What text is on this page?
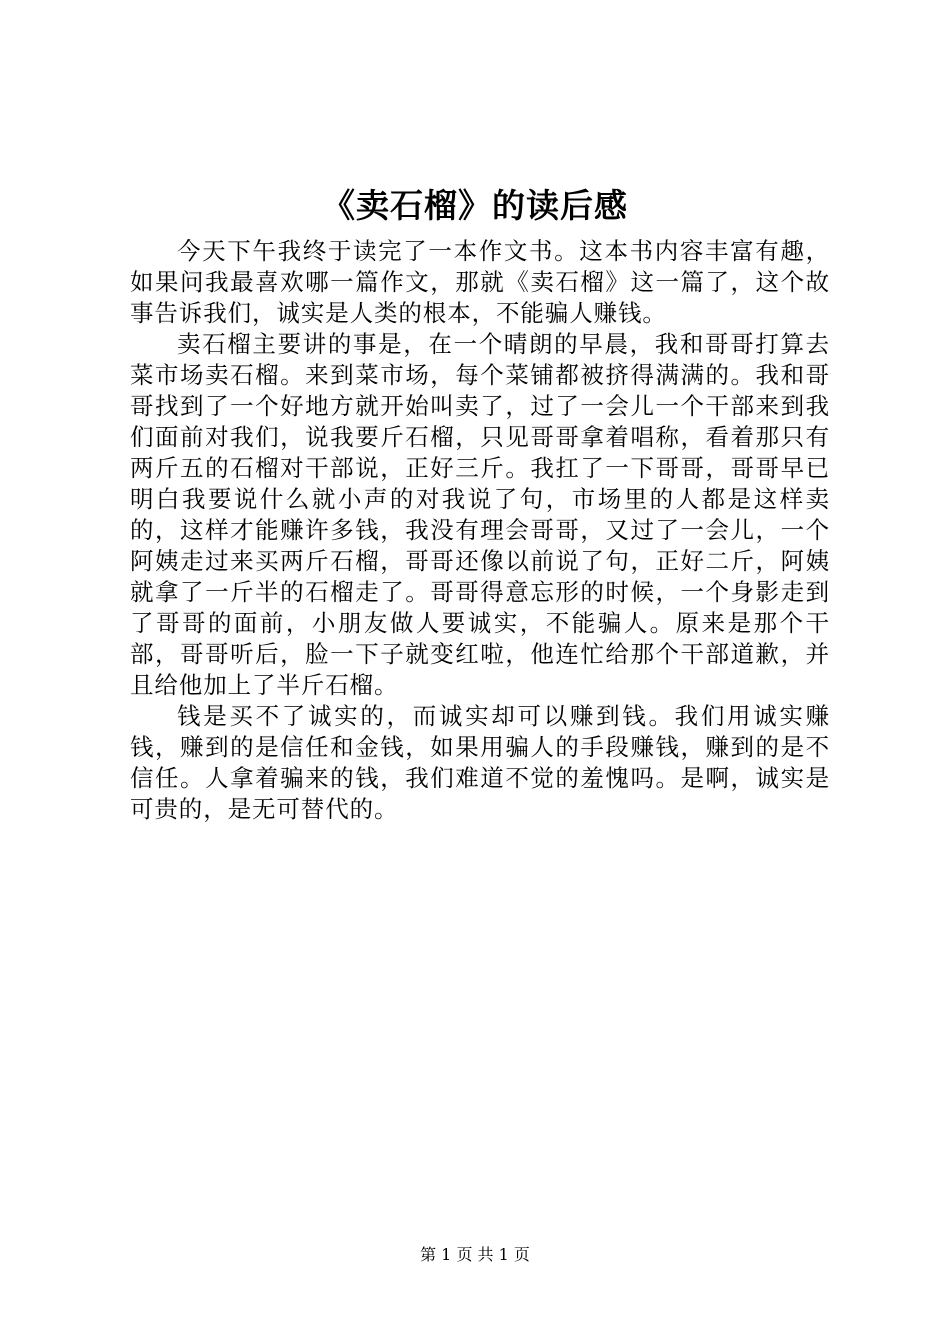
《卖石榴》的读后感

今天下午我终于读完了一本作文书。这本书内容丰富有趣，如果问我最喜欢哪一篇作文，那就《卖石榴》这一篇了，这个故事告诉我们，诚实是人类的根本，不能骗人赚钱。

卖石榴主要讲的事是，在一个晴朗的早晨，我和哥哥打算去菜市场卖石榴。来到菜市场，每个菜铺都被挤得满满的。我和哥哥找到了一个好地方就开始叫卖了，过了一会儿一个干部来到我们面前对我们，说我要斤石榴，只见哥哥拿着唱称，看着那只有两斤五的石榴对干部说，正好三斤。我扛了一下哥哥，哥哥早已明白我要说什么就小声的对我说了句，市场里的人都是这样卖的，这样才能赚许多钱，我没有理会哥哥，又过了一会儿，一个阿姨走过来买两斤石榴，哥哥还像以前说了句，正好二斤，阿姨就拿了一斤半的石榴走了。哥哥得意忘形的时候，一个身影走到了哥哥的面前，小朋友做人要诚实，不能骗人。原来是那个干部，哥哥听后，脸一下子就变红啦，他连忙给那个干部道歉，并且给他加上了半斤石榴。

钱是买不了诚实的，而诚实却可以赚到钱。我们用诚实赚钱，赚到的是信任和金钱，如果用骗人的手段赚钱，赚到的是不信任。人拿着骗来的钱，我们难道不觉的羞愧吗。是啊，诚实是可贵的，是无可替代的。

第 1 页 共 1 页
